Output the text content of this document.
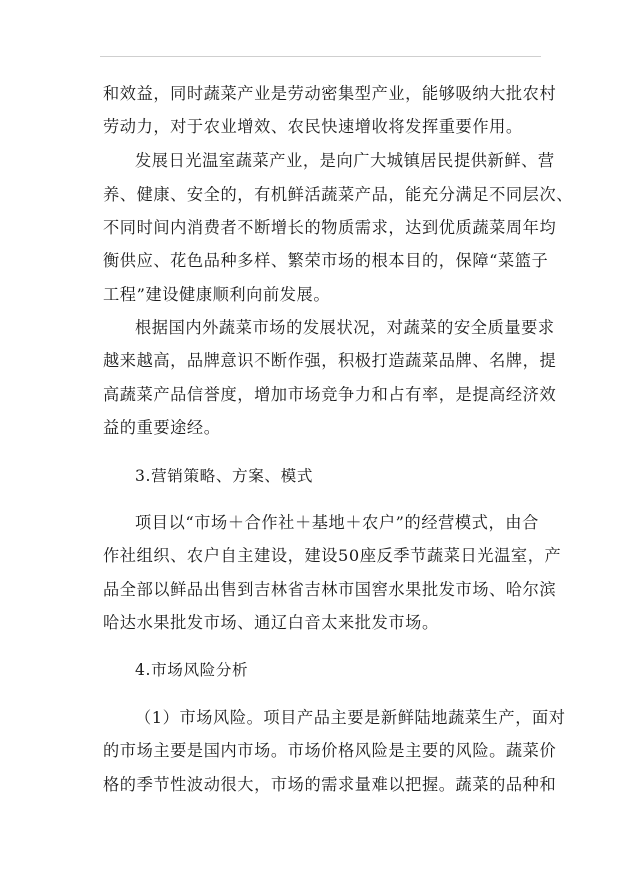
和效益，同时蔬菜产业是劳动密集型产业，能够吸纳大批农村
劳动力，对于农业增效、农民快速增收将发挥重要作用。
发展日光温室蔬菜产业，是向广大城镇居民提供新鲜、营
养、健康、安全的，有机鲜活蔬菜产品，能充分满足不同层次、
不同时间内消费者不断增长的物质需求，达到优质蔬菜周年均
衡供应、花色品种多样、繁荣市场的根本目的，保障“菜篮子
工程”建设健康顺利向前发展。
根据国内外蔬菜市场的发展状况，对蔬菜的安全质量要求
越来越高，品牌意识不断作强，积极打造蔬菜品牌、名牌，提
高蔬菜产品信誉度，增加市场竞争力和占有率，是提高经济效
益的重要途经。
3.营销策略、方案、模式
项目以“市场＋合作社＋基地＋农户”的经营模式，由合
作社组织、农户自主建设，建设50座反季节蔬菜日光温室，产
品全部以鲜品出售到吉林省吉林市国窖水果批发市场、哈尔滨
哈达水果批发市场、通辽白音太来批发市场。
4.市场风险分析
（1）市场风险。项目产品主要是新鲜陆地蔬菜生产，面对
的市场主要是国内市场。市场价格风险是主要的风险。蔬菜价
格的季节性波动很大，市场的需求量难以把握。蔬菜的品种和
